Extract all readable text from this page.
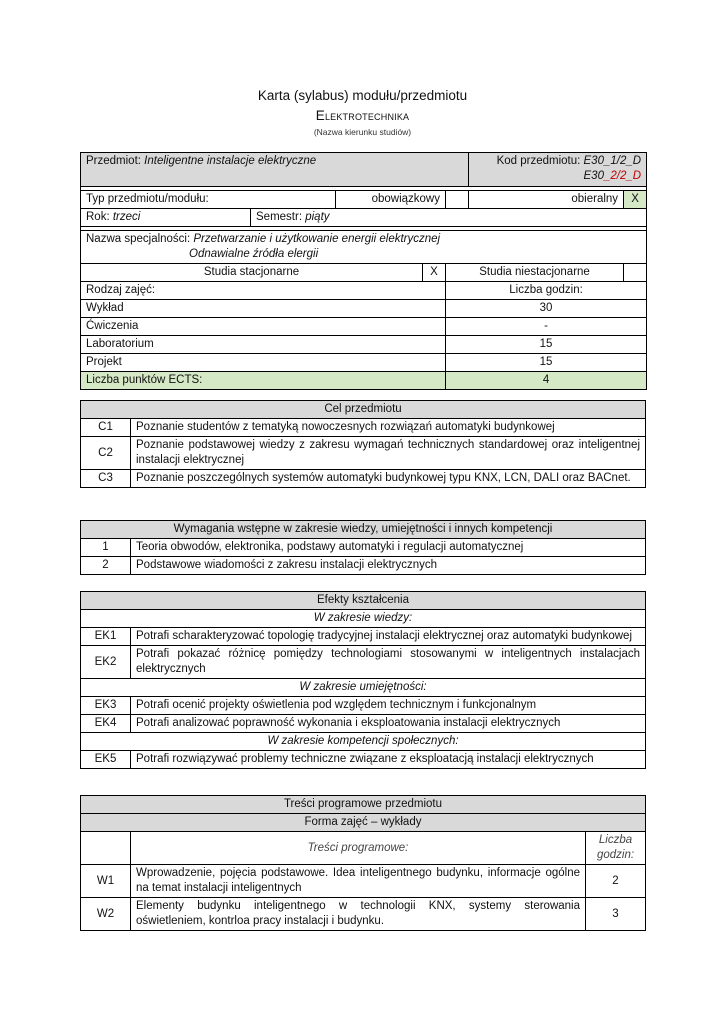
Karta (sylabus) modułu/przedmiotu
Elektrotechnika
(Nazwa kierunku studiów)
Przedmiot: Inteligentne instalacje elektryczne					Kod przedmiotu: E30_1/2_D
E30_2/2_D	

Typ przedmiotu/modułu:		obowiązkowy			obieralny	X
Rok: trzeci	Semestr: piąty					

Nazwa specjalności: Przetwarzanie i użytkowanie energii elektrycznej
Odnawialne źródła elergii						
Studia stacjonarne			X	Studia niestacjonarne		
Rodzaj zajęć:				Liczba godzin:		
Wykład				30		
Ćwiczenia				-		
Laboratorium				15		
Projekt				15		
Liczba punktów ECTS:				4		
Cel przedmiotu	
C1	Poznanie studentów z tematyką nowoczesnych rozwiązań automatyki budynkowej
C2	Poznanie podstawowej wiedzy z zakresu wymagań technicznych standardowej oraz inteligentnej instalacji elektrycznej
C3	Poznanie poszczególnych systemów automatyki budynkowej typu KNX, LCN, DALI oraz BACnet.
Wymagania wstępne w zakresie wiedzy, umiejętności i innych kompetencji	
1	Teoria obwodów, elektronika, podstawy automatyki i regulacji automatycznej
2	Podstawowe wiadomości z zakresu instalacji elektrycznych
Efekty kształcenia	
W zakresie wiedzy:	
EK1	Potrafi scharakteryzować topologię tradycyjnej instalacji elektrycznej oraz automatyki budynkowej
EK2	Potrafi pokazać różnicę pomiędzy technologiami stosowanymi w inteligentnych instalacjach elektrycznych
W zakresie umiejętności:	
EK3	Potrafi ocenić projekty oświetlenia pod względem technicznym i funkcjonalnym
EK4	Potrafi analizować poprawność wykonania i eksploatowania instalacji elektrycznych
W zakresie kompetencji społecznych:	
EK5	Potrafi rozwiązywać problemy techniczne związane z eksploatacją instalacji elektrycznych
Treści programowe przedmiotu		
Forma zajęć – wykłady		
	Treści programowe:	Liczba
godzin:
W1	Wprowadzenie, pojęcia podstawowe. Idea inteligentnego budynku, informacje ogólne na temat instalacji inteligentnych	2
W2	Elementy budynku inteligentnego w technologii KNX, systemy sterowania oświetleniem, kontrloa pracy instalacji i budynku.	3
